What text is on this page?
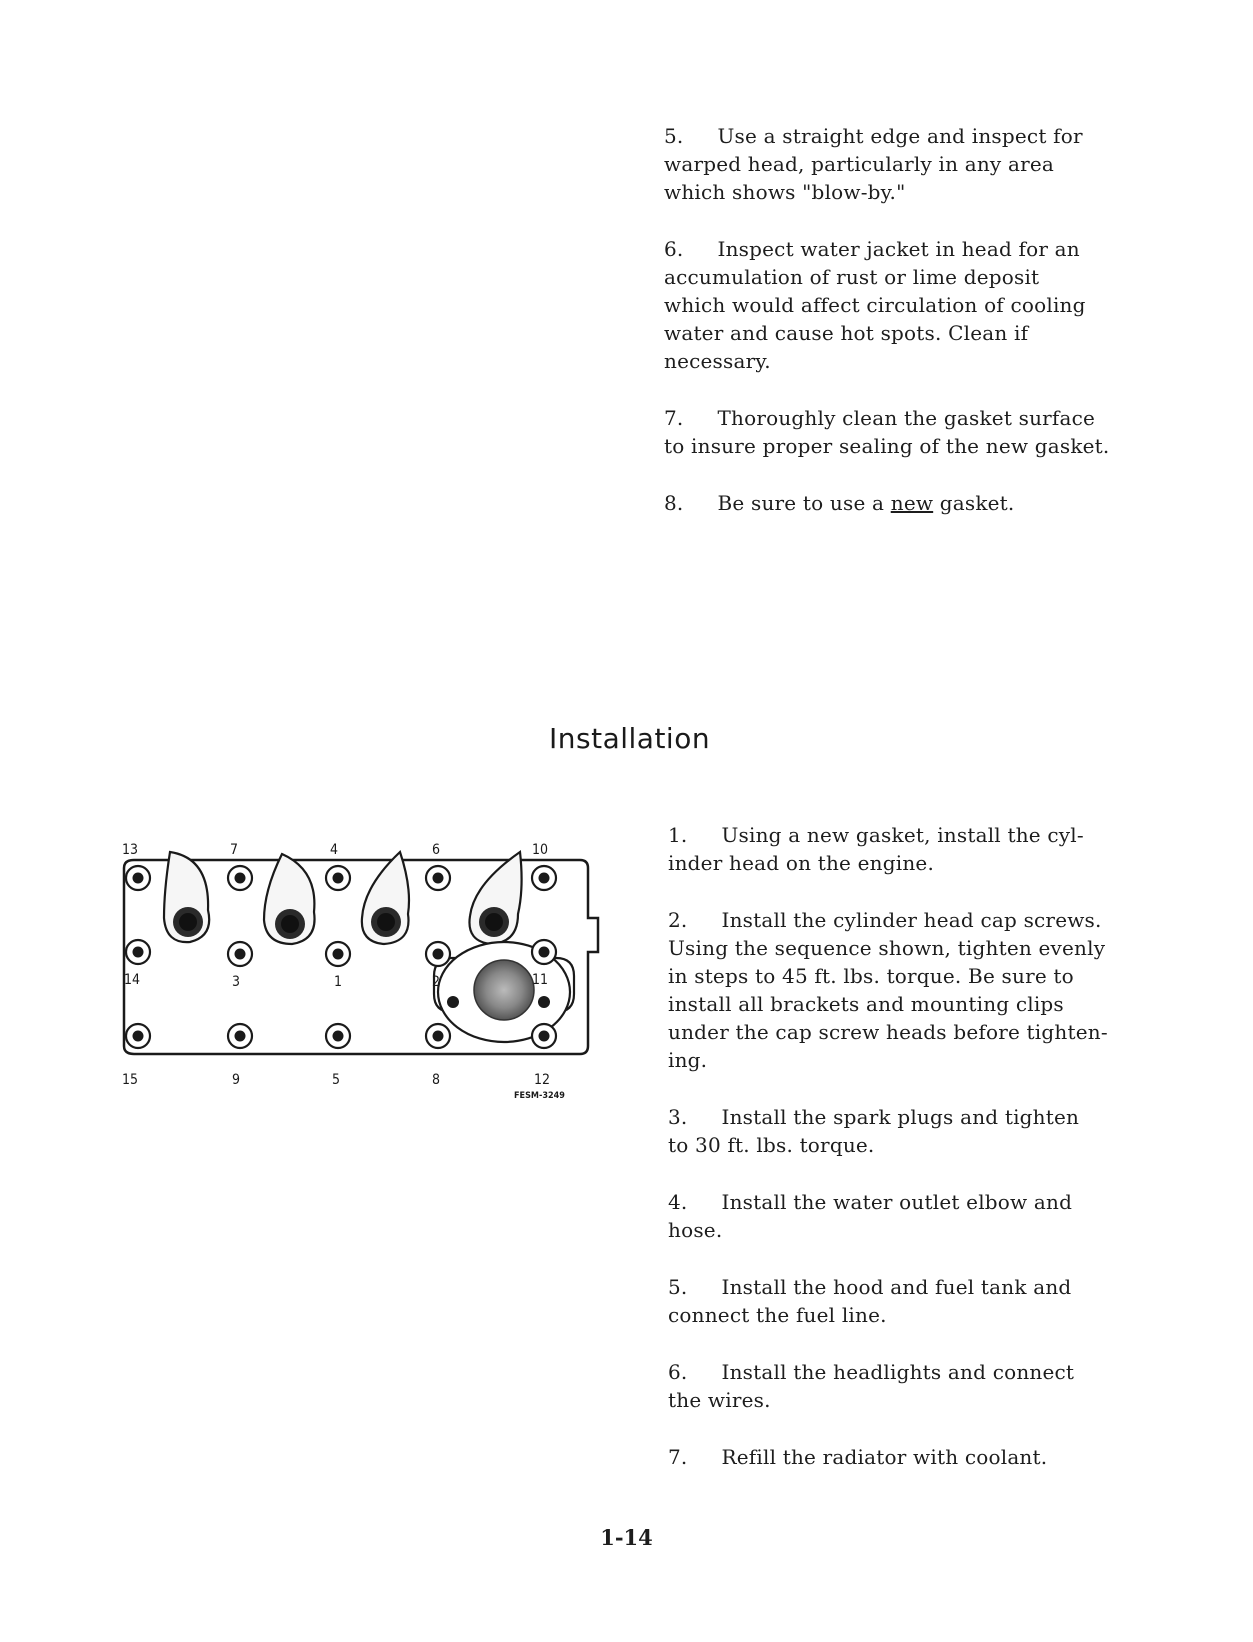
5. Use a straight edge and inspect for
warped head, particularly in any area
which shows "blow-by."

6. Inspect water jacket in head for an
accumulation of rust or lime deposit
which would affect circulation of cooling
water and cause hot spots. Clean if
necessary.

7. Thoroughly clean the gasket surface
to insure proper sealing of the new gasket.

8. Be sure to use a new gasket.

Installation
13	7	4	6	10
14	3	1	2	11
15	9	5	8	12
FESM-3249

1. Using a new gasket, install the cyl-
inder head on the engine.

2. Install the cylinder head cap screws.
Using the sequence shown, tighten evenly
in steps to 45 ft. lbs. torque. Be sure to
install all brackets and mounting clips
under the cap screw heads before tighten-
ing.

3. Install the spark plugs and tighten
to 30 ft. lbs. torque.

4. Install the water outlet elbow and
hose.

5. Install the hood and fuel tank and
connect the fuel line.

6. Install the headlights and connect
the wires.

7. Refill the radiator with coolant.

1-14
